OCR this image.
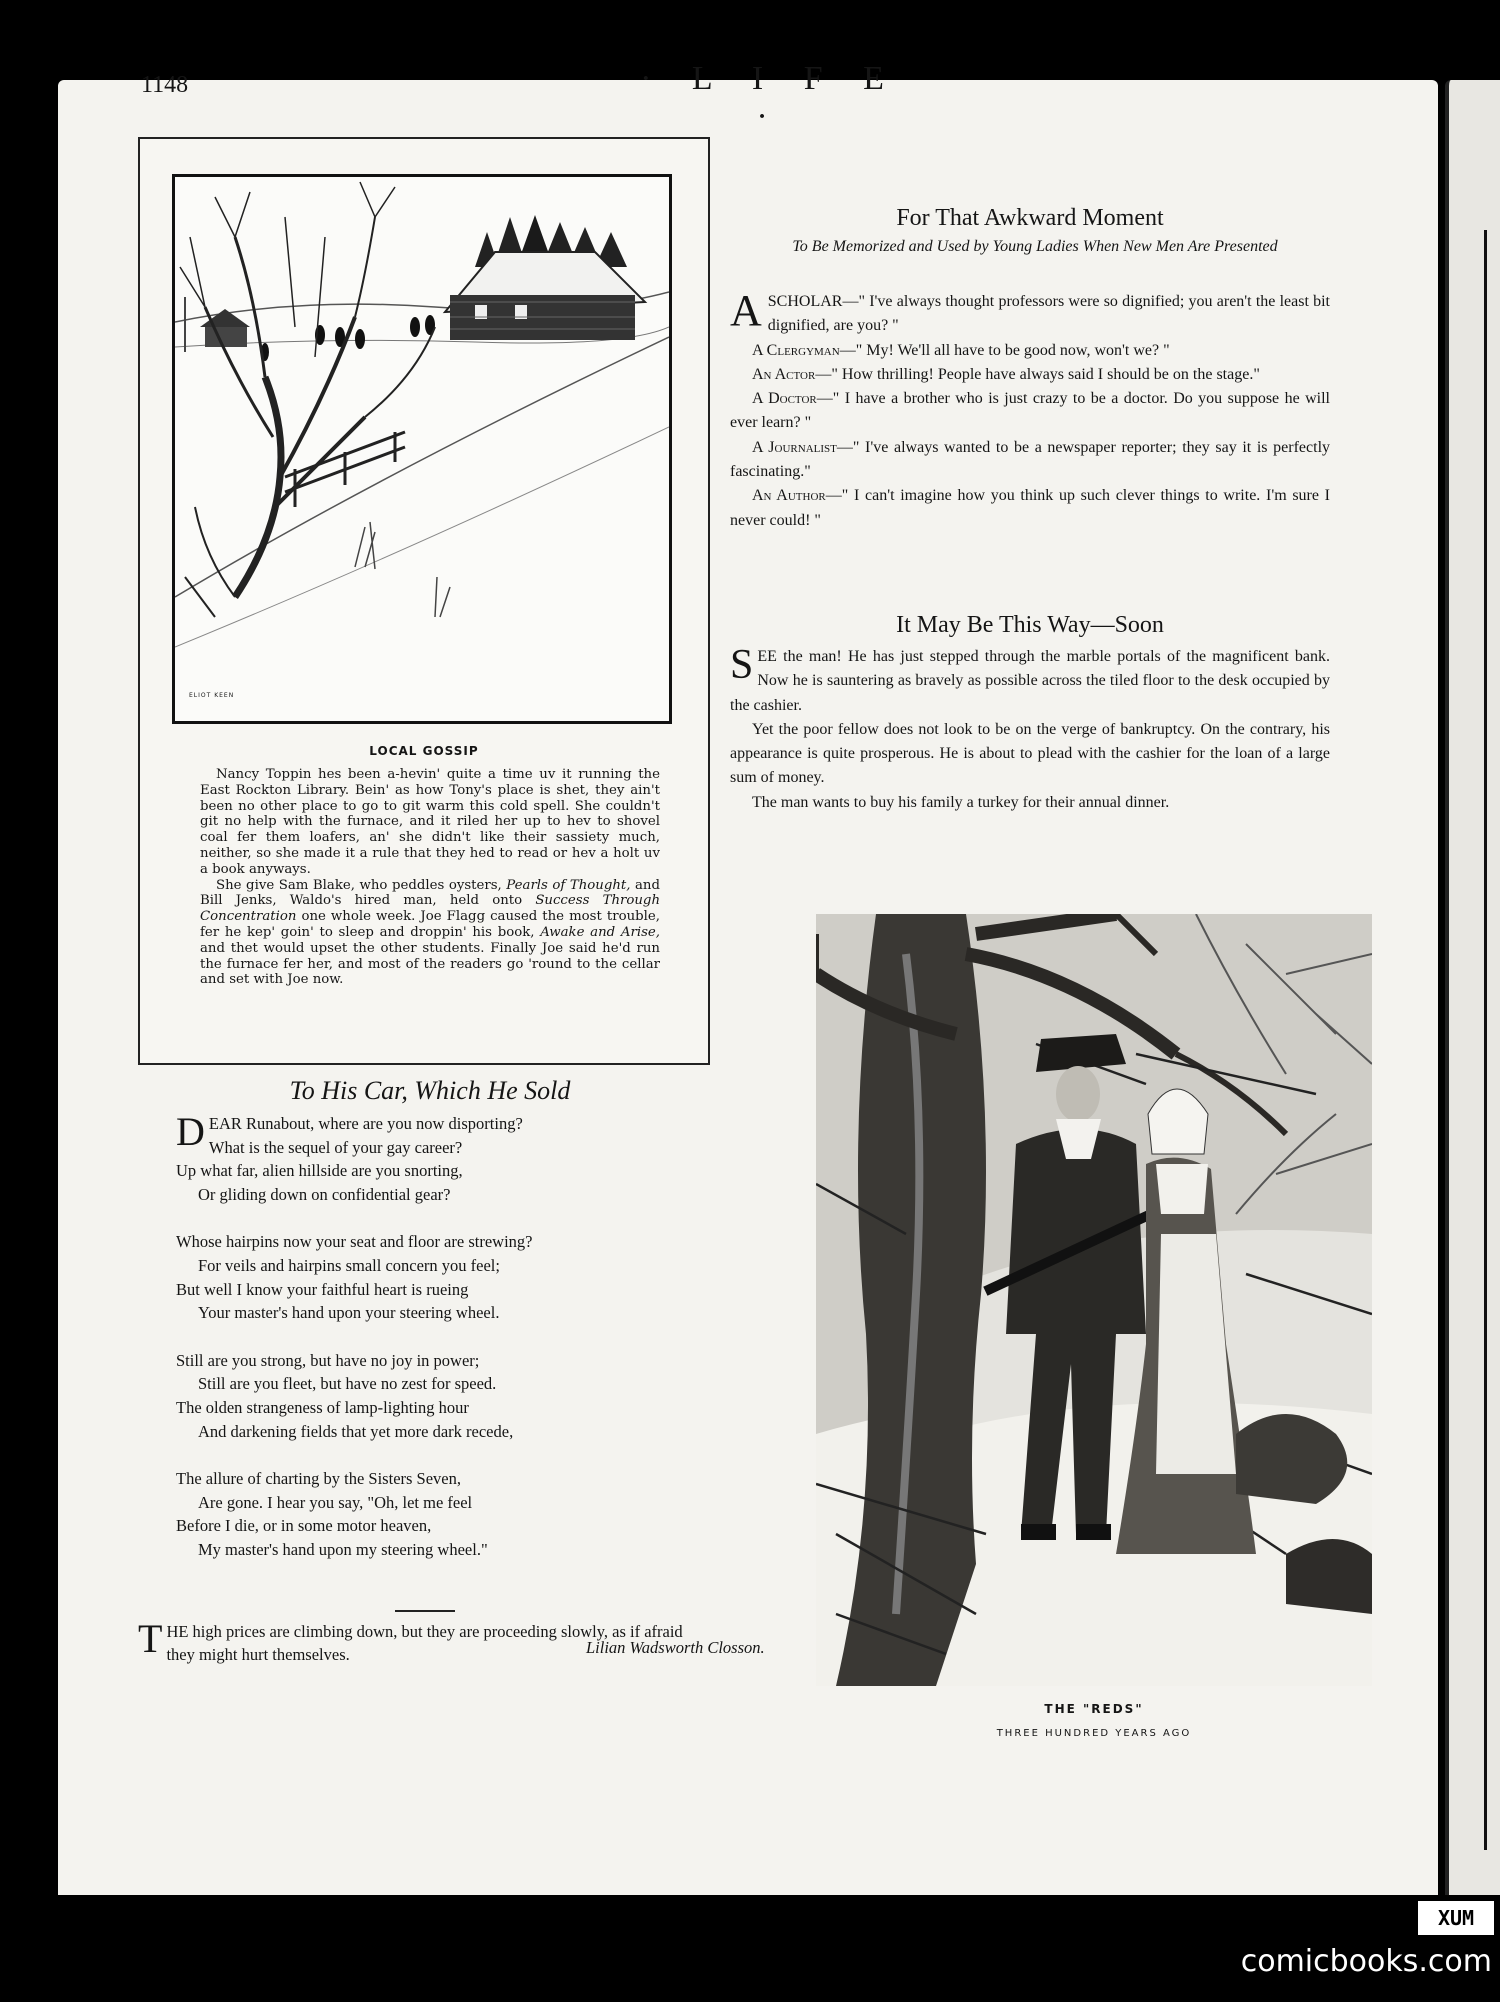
1148	· L I F E ·
ELIOT KEEN
LOCAL GOSSIP

Nancy Toppin hes been a-hevin' quite a time uv it running the East Rockton Library. Bein' as how Tony's place is shet, they ain't been no other place to go to git warm this cold spell. She couldn't git no help with the furnace, and it riled her up to hev to shovel coal fer them loafers, an' she didn't like their sassiety much, neither, so she made it a rule that they hed to read or hev a holt uv a book anyways.

She give Sam Blake, who peddles oysters, Pearls of Thought, and Bill Jenks, Waldo's hired man, held onto Success Through Concentration one whole week. Joe Flagg caused the most trouble, fer he kep' goin' to sleep and droppin' his book, Awake and Arise, and thet would upset the other students. Finally Joe said he'd run the furnace fer her, and most of the readers go 'round to the cellar and set with Joe now.

To His Car, Which He Sold
D EAR Runabout, where are you now disporting?
What is the sequel of your gay career?
Up what far, alien hillside are you snorting,
Or gliding down on confidential gear?
Whose hairpins now your seat and floor are strewing?
For veils and hairpins small concern you feel;
But well I know your faithful heart is rueing
Your master's hand upon your steering wheel.
Still are you strong, but have no joy in power;
Still are you fleet, but have no zest for speed.
The olden strangeness of lamp-lighting hour
And darkening fields that yet more dark recede,
The allure of charting by the Sisters Seven,
Are gone. I hear you say, "Oh, let me feel
Before I die, or in some motor heaven,
My master's hand upon my steering wheel."
Lilian Wadsworth Closson.
THE high prices are climbing down, but they are proceeding slowly, as if afraid they might hurt themselves.
For That Awkward Moment
To Be Memorized and Used by Young Ladies When New Men Are Presented

ASCHOLAR—" I've always thought professors were so dignified; you aren't the least bit dignified, are you? "

A Clergyman—" My! We'll all have to be good now, won't we? "

An Actor—" How thrilling! People have always said I should be on the stage."

A Doctor—" I have a brother who is just crazy to be a doctor. Do you suppose he will ever learn? "

A Journalist—" I've always wanted to be a newspaper reporter; they say it is perfectly fascinating."

An Author—" I can't imagine how you think up such clever things to write. I'm sure I never could! "

It May Be This Way—Soon

SEE the man! He has just stepped through the marble portals of the magnificent bank. Now he is sauntering as bravely as possible across the tiled floor to the desk occupied by the cashier.

Yet the poor fellow does not look to be on the verge of bankruptcy. On the contrary, his appearance is quite prosperous. He is about to plead with the cashier for the loan of a large sum of money.

The man wants to buy his family a turkey for their annual dinner.

THE "REDS"
THREE HUNDRED YEARS AGO
XUM
comicbooks.com
